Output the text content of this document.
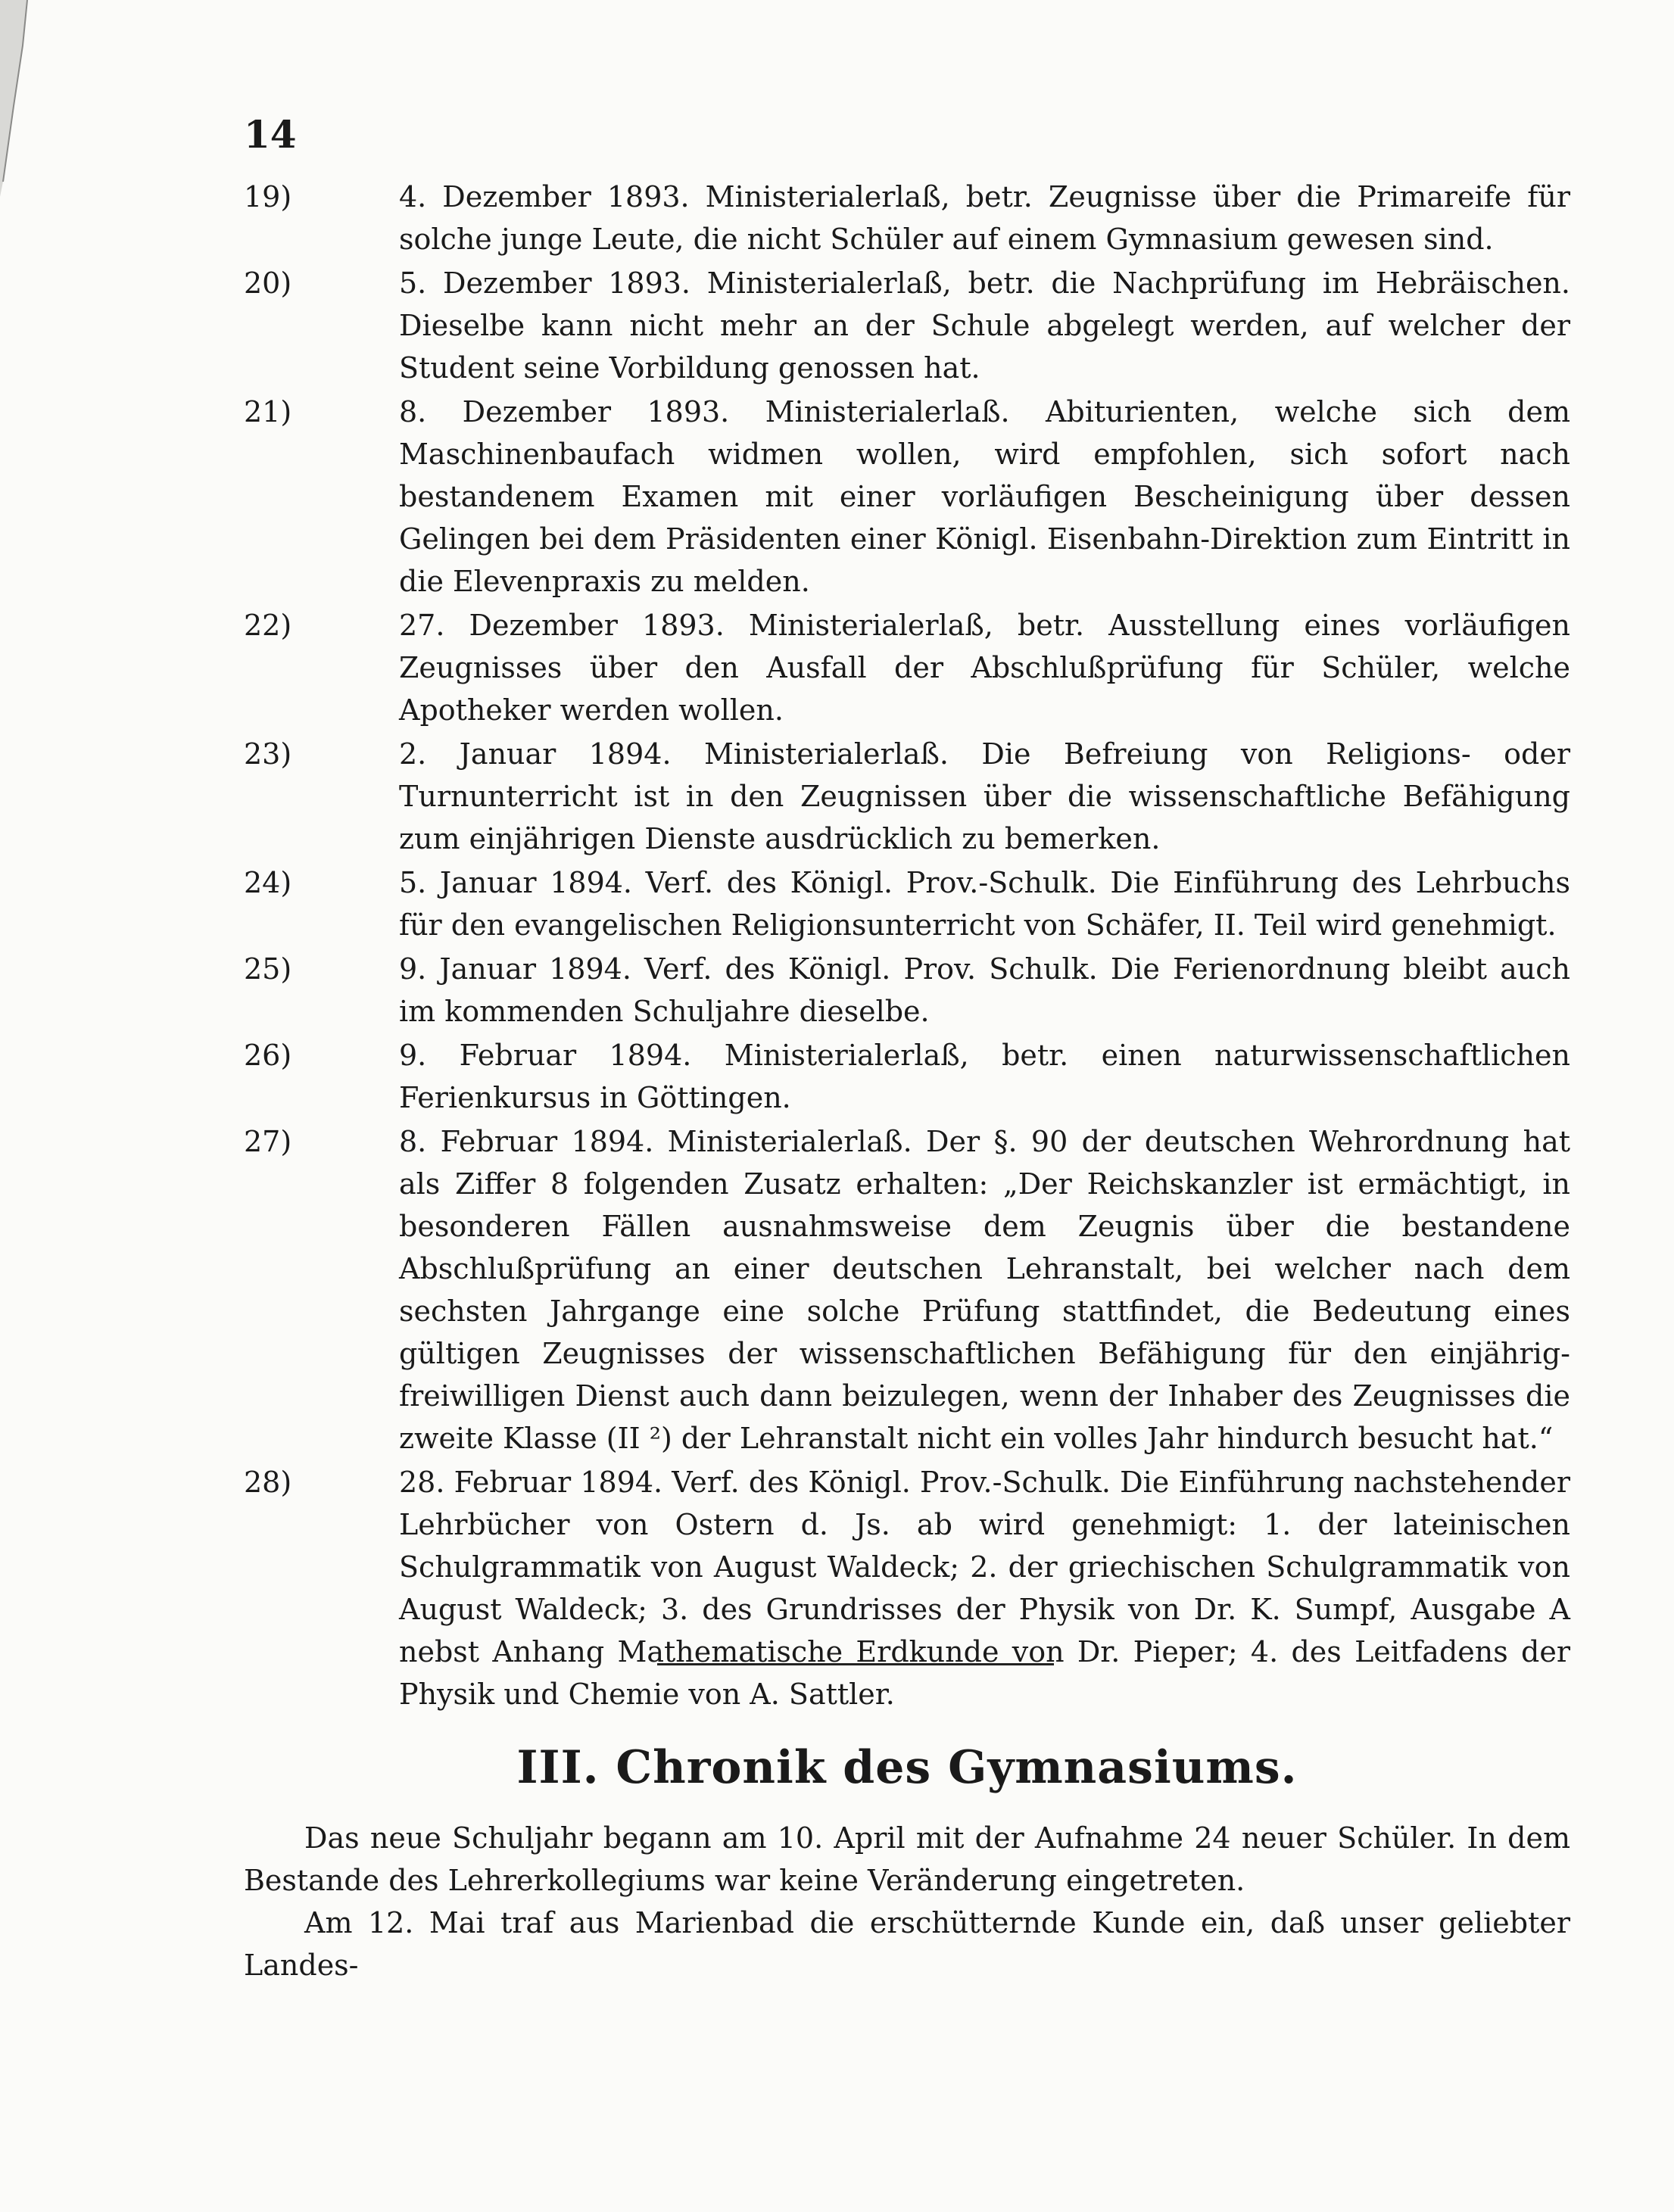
14
19)	4. Dezember 1893. Ministerialerlaß, betr. Zeugnisse über die Primareife für solche junge Leute, die nicht Schüler auf einem Gymnasium gewesen sind.
20)	5. Dezember 1893. Ministerialerlaß, betr. die Nachprüfung im Hebräischen. Dieselbe kann nicht mehr an der Schule abgelegt werden, auf welcher der Student seine Vorbildung genossen hat.
21)	8. Dezember 1893. Ministerialerlaß. Abiturienten, welche sich dem Maschinenbaufach widmen wollen, wird empfohlen, sich sofort nach bestandenem Examen mit einer vorläufigen Bescheinigung über dessen Gelingen bei dem Präsidenten einer Königl. Eisenbahn-Direktion zum Eintritt in die Elevenpraxis zu melden.
22)	27. Dezember 1893. Ministerialerlaß, betr. Ausstellung eines vorläufigen Zeugnisses über den Ausfall der Abschlußprüfung für Schüler, welche Apotheker werden wollen.
23)	2. Januar 1894. Ministerialerlaß. Die Befreiung von Religions- oder Turnunterricht ist in den Zeugnissen über die wissenschaftliche Befähigung zum einjährigen Dienste ausdrücklich zu bemerken.
24)	5. Januar 1894. Verf. des Königl. Prov.-Schulk. Die Einführung des Lehrbuchs für den evangelischen Religionsunterricht von Schäfer, II. Teil wird genehmigt.
25)	9. Januar 1894. Verf. des Königl. Prov. Schulk. Die Ferienordnung bleibt auch im kommenden Schuljahre dieselbe.
26)	9. Februar 1894. Ministerialerlaß, betr. einen naturwissenschaftlichen Ferienkursus in Göttingen.
27)	8. Februar 1894. Ministerialerlaß. Der §. 90 der deutschen Wehrordnung hat als Ziffer 8 folgenden Zusatz erhalten: „Der Reichskanzler ist ermächtigt, in besonderen Fällen ausnahmsweise dem Zeugnis über die bestandene Abschlußprüfung an einer deutschen Lehranstalt, bei welcher nach dem sechsten Jahrgange eine solche Prüfung stattfindet, die Bedeutung eines gültigen Zeugnisses der wissenschaftlichen Befähigung für den einjährig-freiwilligen Dienst auch dann beizulegen, wenn der Inhaber des Zeugnisses die zweite Klasse (II ²) der Lehranstalt nicht ein volles Jahr hindurch besucht hat.“
28)	28. Februar 1894. Verf. des Königl. Prov.-Schulk. Die Einführung nachstehender Lehrbücher von Ostern d. Js. ab wird genehmigt: 1. der lateinischen Schulgrammatik von August Waldeck; 2. der griechischen Schulgrammatik von August Waldeck; 3. des Grundrisses der Physik von Dr. K. Sumpf, Ausgabe A nebst Anhang Mathematische Erdkunde von Dr. Pieper; 4. des Leitfadens der Physik und Chemie von A. Sattler.
III. Chronik des Gymnasiums.

Das neue Schuljahr begann am 10. April mit der Aufnahme 24 neuer Schüler. In dem Bestande des Lehrerkollegiums war keine Veränderung eingetreten.

Am 12. Mai traf aus Marienbad die erschütternde Kunde ein, daß unser geliebter Landes-
